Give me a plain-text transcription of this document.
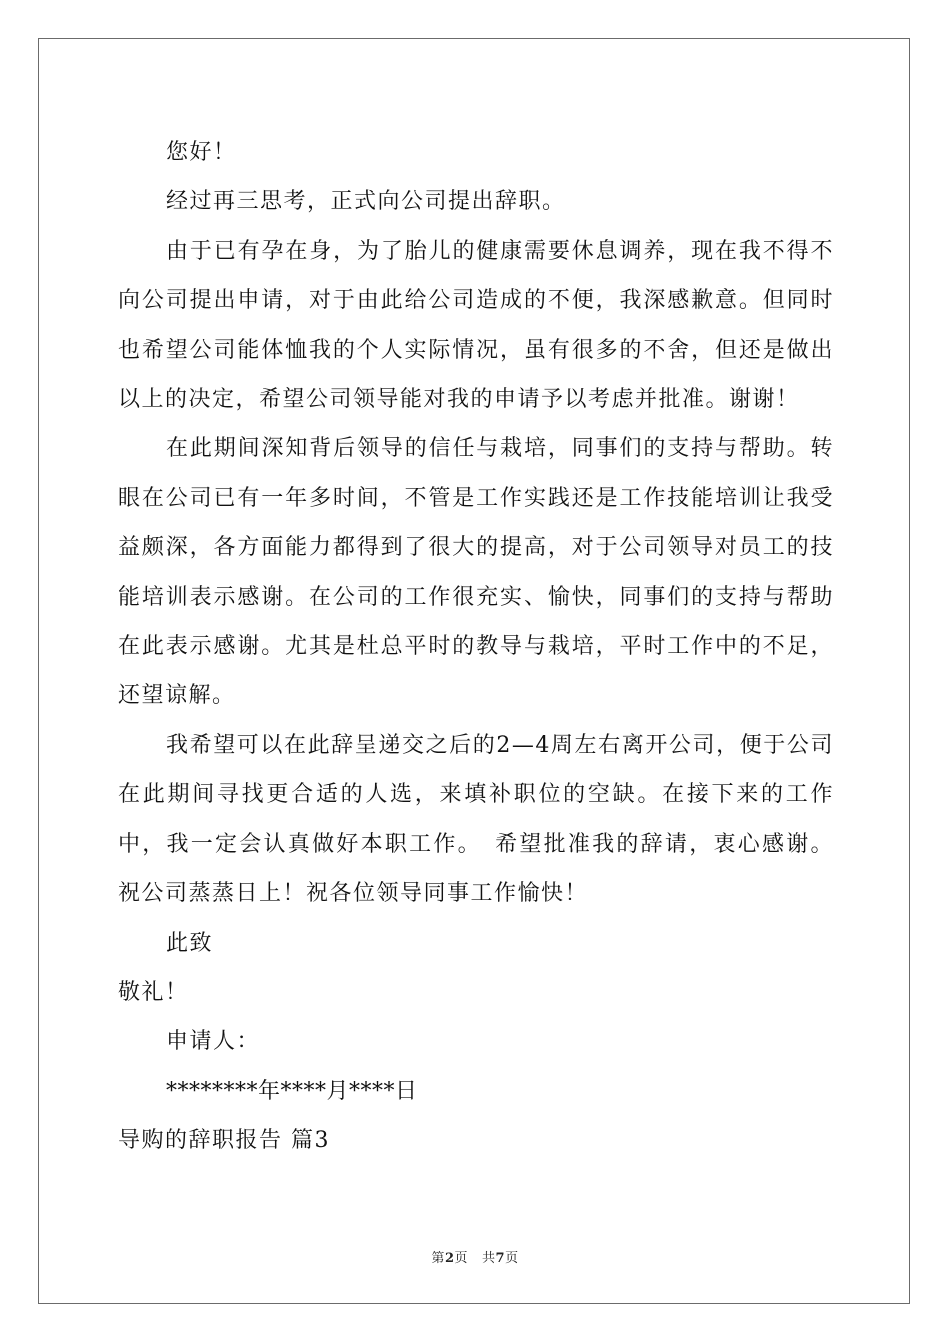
您好！

经过再三思考，正式向公司提出辞职。

由于已有孕在身，为了胎儿的健康需要休息调养，现在我不得不向公司提出申请，对于由此给公司造成的不便，我深感歉意。但同时也希望公司能体恤我的个人实际情况，虽有很多的不舍，但还是做出以上的决定，希望公司领导能对我的申请予以考虑并批准。谢谢！

在此期间深知背后领导的信任与栽培，同事们的支持与帮助。转眼在公司已有一年多时间，不管是工作实践还是工作技能培训让我受益颇深，各方面能力都得到了很大的提高，对于公司领导对员工的技能培训表示感谢。在公司的工作很充实、愉快，同事们的支持与帮助在此表示感谢。尤其是杜总平时的教导与栽培，平时工作中的不足，还望谅解。

我希望可以在此辞呈递交之后的2—4周左右离开公司，便于公司在此期间寻找更合适的人选，来填补职位的空缺。在接下来的工作中，我一定会认真做好本职工作。　希望批准我的辞请，衷心感谢。祝公司蒸蒸日上！祝各位领导同事工作愉快！

此致

敬礼！

申请人：

********年****月****日

导购的辞职报告 篇3

第2页 共7页
